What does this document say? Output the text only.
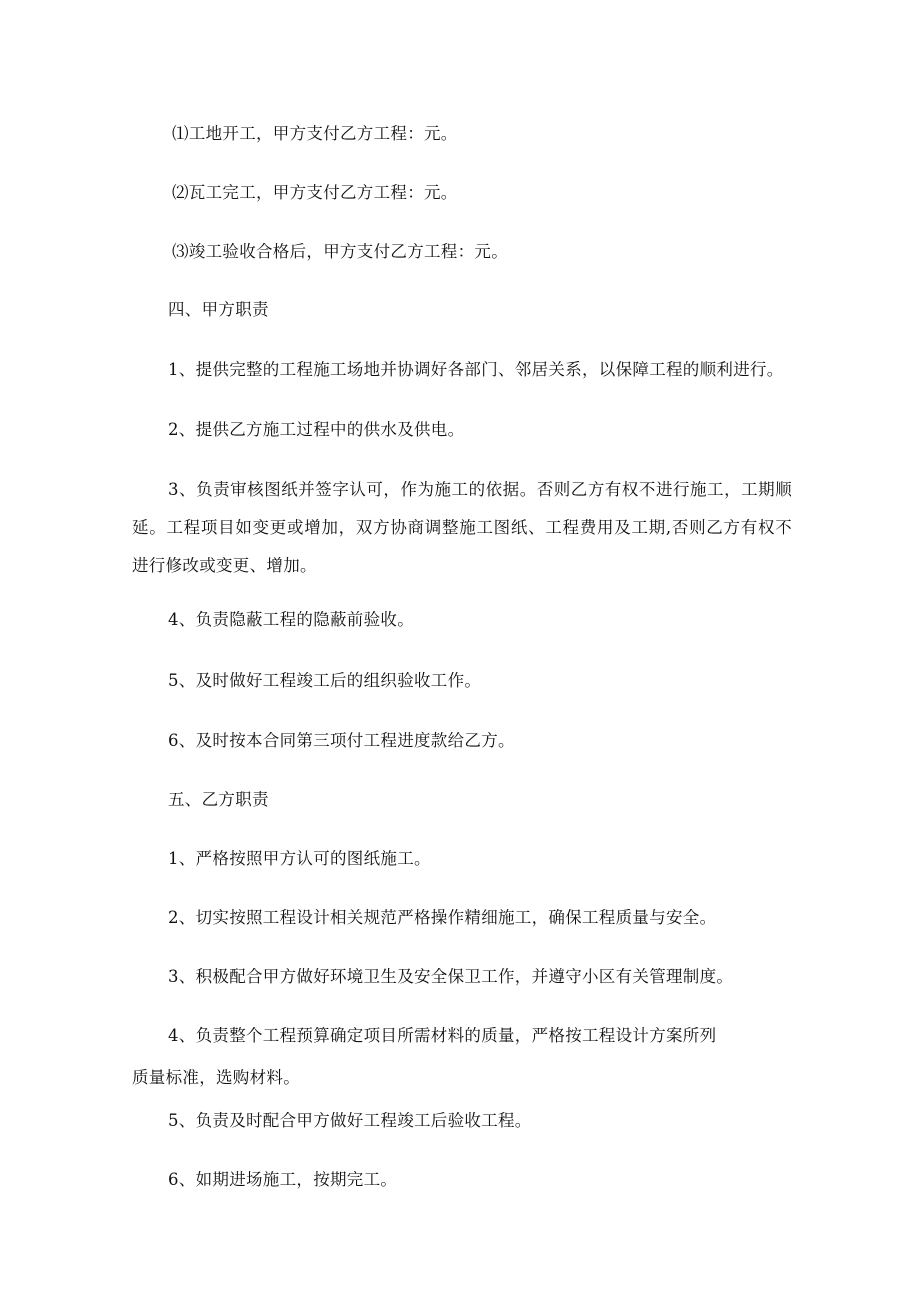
⑴工地开工，甲方支付乙方工程：元。
⑵瓦工完工，甲方支付乙方工程：元。
⑶竣工验收合格后，甲方支付乙方工程：元。
四、甲方职责
1、提供完整的工程施工场地并协调好各部门、邻居关系，以保障工程的顺利进行。
2、提供乙方施工过程中的供水及供电。
3、负责审核图纸并签字认可，作为施工的依据。否则乙方有权不进行施工，工期顺延。工程项目如变更或增加，双方协商调整施工图纸、工程费用及工期,否则乙方有权不进行修改或变更、增加。
4、负责隐蔽工程的隐蔽前验收。
5、及时做好工程竣工后的组织验收工作。
6、及时按本合同第三项付工程进度款给乙方。
五、乙方职责
1、严格按照甲方认可的图纸施工。
2、切实按照工程设计相关规范严格操作精细施工，确保工程质量与安全。
3、积极配合甲方做好环境卫生及安全保卫工作，并遵守小区有关管理制度。
4、负责整个工程预算确定项目所需材料的质量，严格按工程设计方案所列
质量标准，选购材料。
5、负责及时配合甲方做好工程竣工后验收工程。
6、如期进场施工，按期完工。
